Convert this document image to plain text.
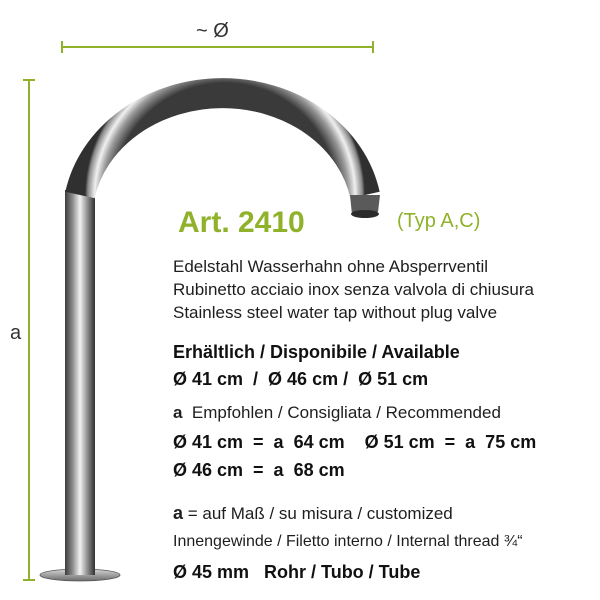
~ Ø
a
Art. 2410	(Typ A,C)
Edelstahl Wasserhahn ohne Absperrventil
Rubinetto acciaio inox senza valvola di chiusura
Stainless steel water tap without plug valve
Erhältlich / Disponibile / Available
Ø 41 cm  /  Ø 46 cm /  Ø 51 cm
a Empfohlen / Consigliata / Recommended
Ø 41 cm  =  a  64 cm    Ø 51 cm  =  a  75 cm
Ø 46 cm  =  a  68 cm
a = auf Maß / su misura / customized
Innengewinde / Filetto interno / Internal thread ¾“
Ø 45 mm   Rohr / Tubo / Tube
